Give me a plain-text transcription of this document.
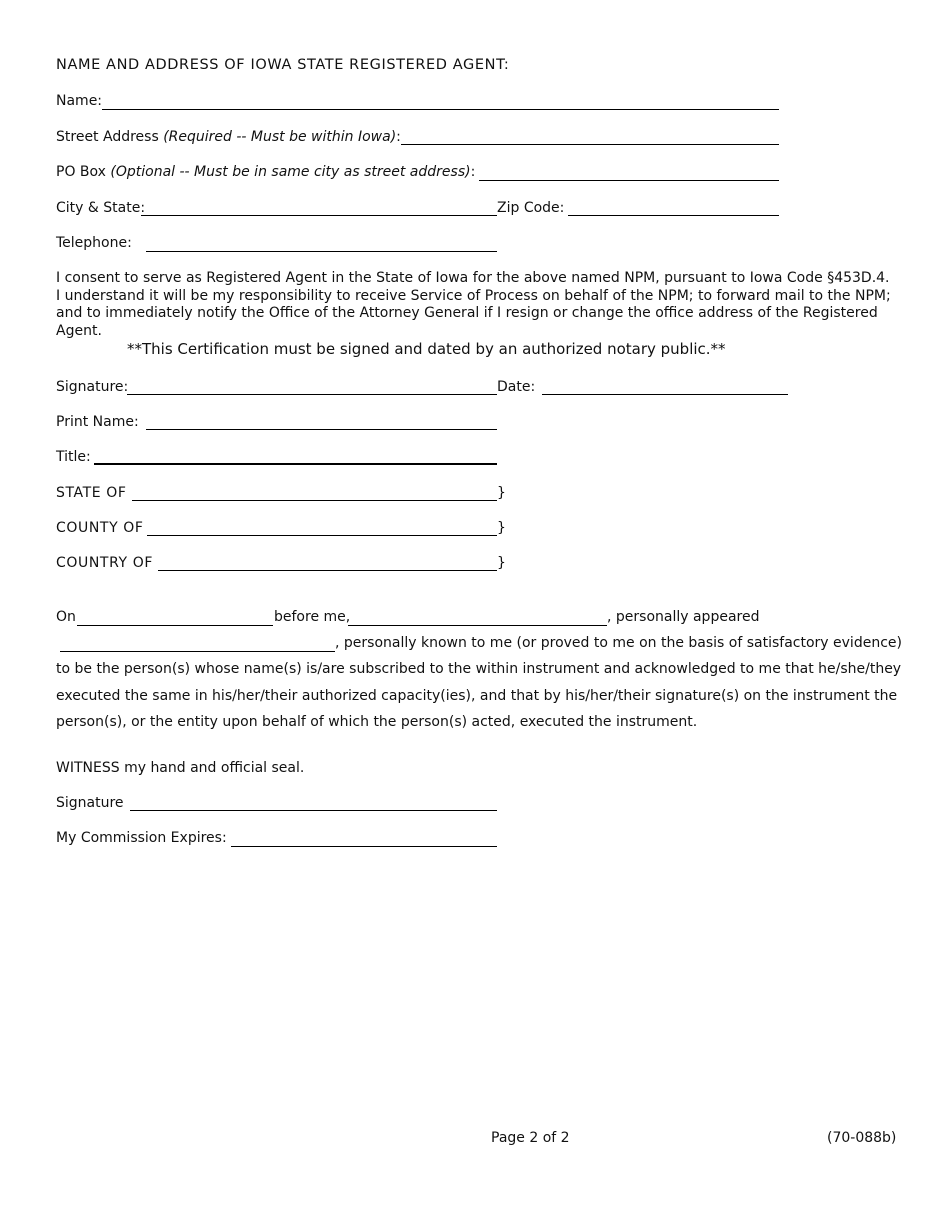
NAME AND ADDRESS OF IOWA STATE REGISTERED AGENT:
Name:
Street Address (Required -- Must be within Iowa):
PO Box (Optional -- Must be in same city as street address):
City & State:	Zip Code:
Telephone:
I consent to serve as Registered Agent in the State of Iowa for the above named NPM, pursuant to Iowa Code §453D.4. I understand it will be my responsibility to receive Service of Process on behalf of the NPM; to forward mail to the NPM; and to immediately notify the Office of the Attorney General if I resign or change the office address of the Registered Agent.
**This Certification must be signed and dated by an authorized notary public.**
Signature:	Date:
Print Name:
Title:
STATE OF	}
COUNTY OF	}
COUNTRY OF	}
On	before me,	, personally appeared
, personally known to me (or proved to me on the basis of satisfactory evidence)
to be the person(s) whose name(s) is/are subscribed to the within instrument and acknowledged to me that he/she/they
executed the same in his/her/their authorized capacity(ies), and that by his/her/their signature(s) on the instrument the
person(s), or the entity upon behalf of which the person(s) acted, executed the instrument.
WITNESS my hand and official seal.
Signature
My Commission Expires:
Page 2 of 2	(70-088b)
